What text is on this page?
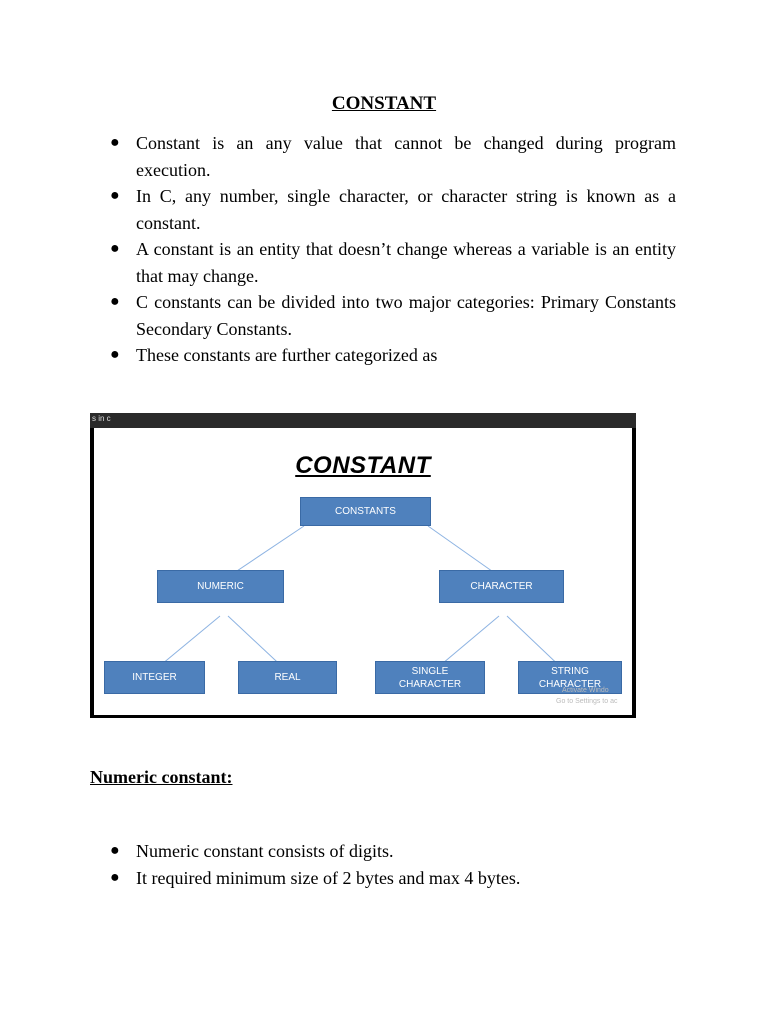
CONSTANT
● Constant is an any value that cannot be changed during program execution.
● In C, any number, single character, or character string is known as a constant.
● A constant is an entity that doesn’t change whereas a variable is an entity that may change.
● C constants can be divided into two major categories: Primary Constants Secondary Constants.
● These constants are further categorized as
s in c
CONSTANT
CONSTANTS
NUMERIC	CHARACTER
INTEGER	REAL
SINGLE CHARACTER
STRING CHARACTER
Activate Windo
Go to Settings to ac
Numeric constant:
● Numeric constant consists of digits.
● It required minimum size of 2 bytes and max 4 bytes.
